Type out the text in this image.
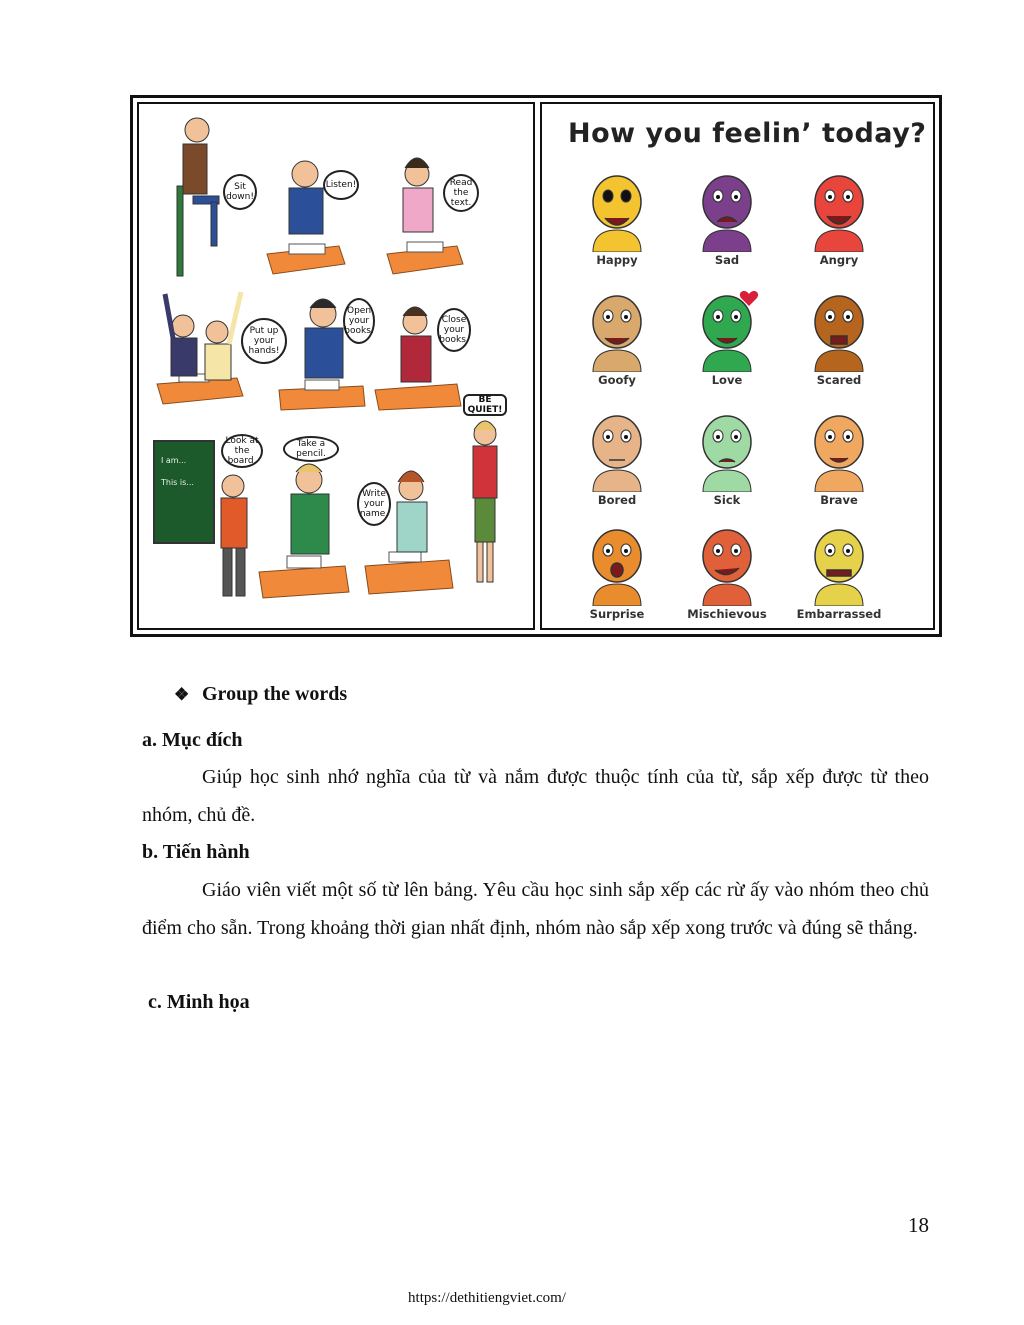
I am...
This is...
Sit down!
Listen!	Read the text.
Put up your hands!
Open your books.
Close your books.
BE QUIET!
Look at the board.
Take a pencil.
Write your name.
How you feelin’ today?
Happy	Sad	Angry
Goofy	Love	Scared
Bored	Sick	Brave
Surprise	Mischievous	Embarrassed
❖ Group the words
a. Mục đích

Giúp học sinh nhớ nghĩa của từ và nắm được thuộc tính của từ, sắp xếp được từ theo nhóm, chủ đề.

b. Tiến hành

Giáo viên viết một số từ lên bảng. Yêu cầu học sinh sắp xếp các rừ ấy vào nhóm theo chủ điểm cho sẵn. Trong khoảng thời gian nhất định, nhóm nào sắp xếp xong trước và đúng sẽ thắng.

c. Minh họa
18
https://dethitiengviet.com/
